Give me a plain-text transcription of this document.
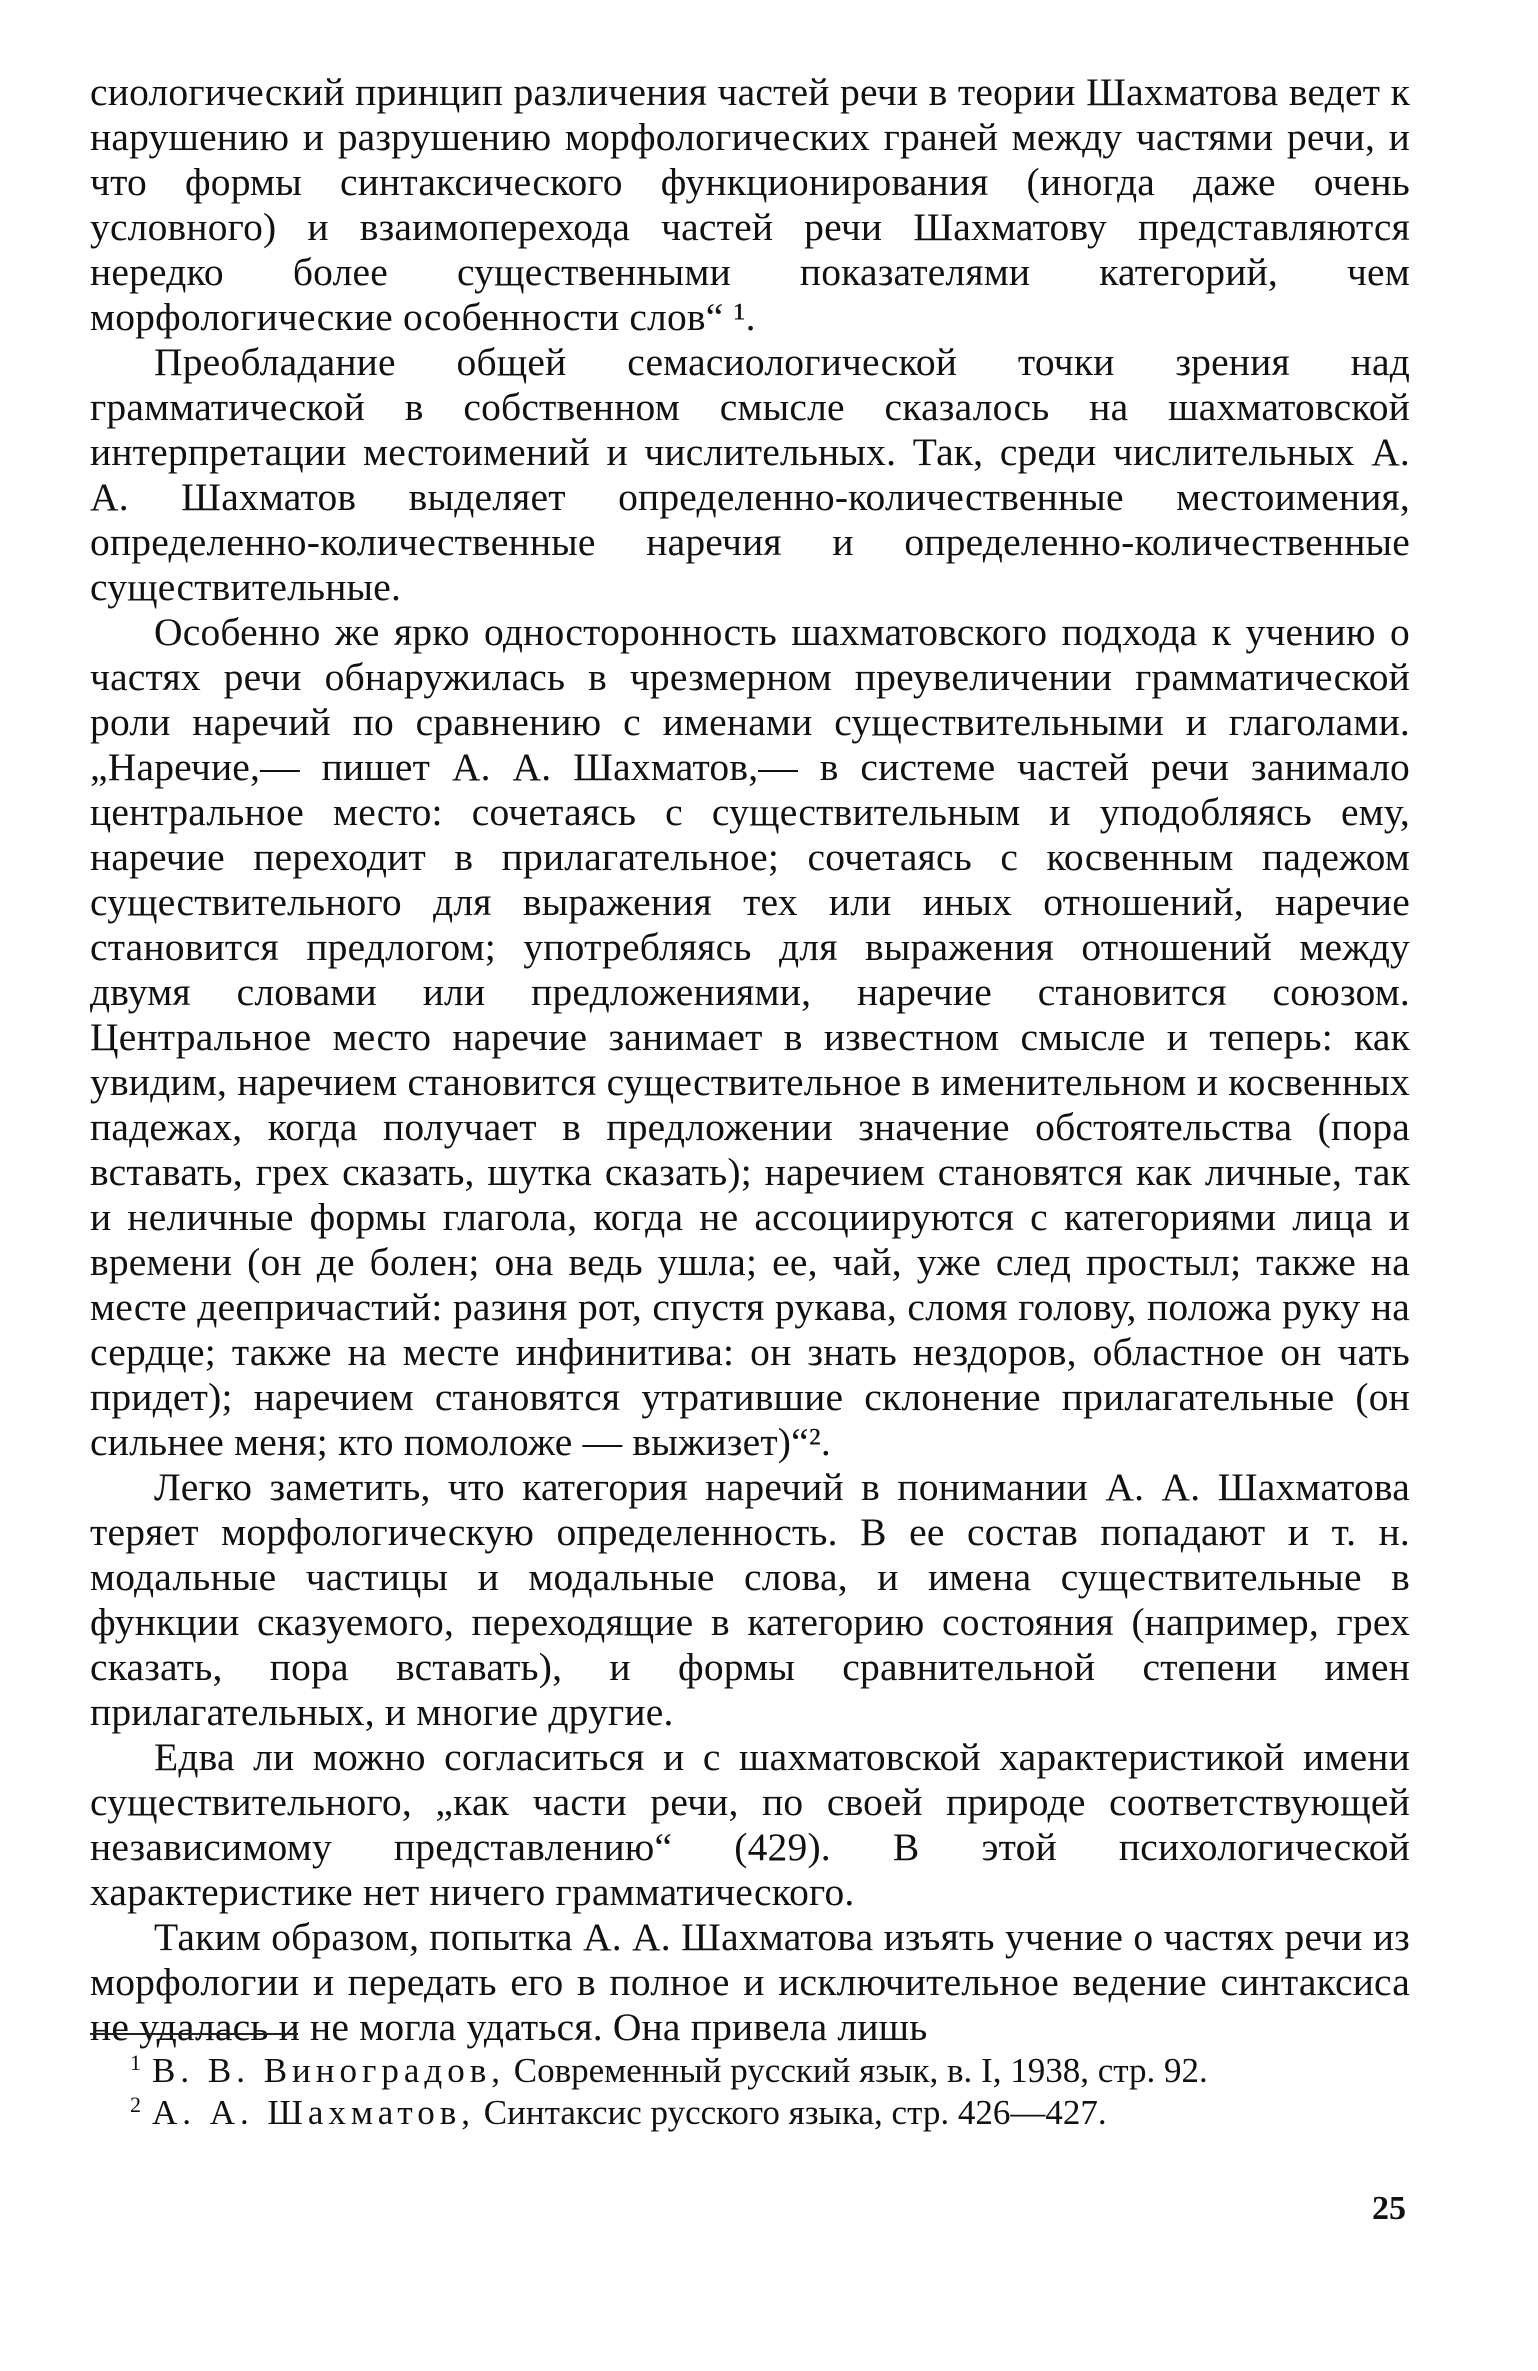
сиологический принцип различения частей речи в теории Шахматова ведет к нарушению и разрушению морфологических граней между частями речи, и что формы синтаксического функционирования (иногда даже очень условного) и взаимоперехода частей речи Шахматову представляются нередко более существенными показателями категорий, чем морфологические особенности слов“ ¹.

Преобладание общей семасиологической точки зрения над грамматической в собственном смысле сказалось на шахматовской интерпретации местоимений и числительных. Так, среди числительных А. А. Шахматов выделяет определенно-количественные местоимения, определенно-количественные наречия и определенно-количественные существительные.

Особенно же ярко односторонность шахматовского подхода к учению о частях речи обнаружилась в чрезмерном преувеличении грамматической роли наречий по сравнению с именами существительными и глаголами. „Наречие,— пишет А. А. Шахматов,— в системе частей речи занимало центральное место: сочетаясь с существительным и уподобляясь ему, наречие переходит в прилагательное; сочетаясь с косвенным падежом существительного для выражения тех или иных отношений, наречие становится предлогом; употребляясь для выражения отношений между двумя словами или предложениями, наречие становится союзом. Центральное место наречие занимает в известном смысле и теперь: как увидим, наречием становится существительное в именительном и косвенных падежах, когда получает в предложении значение обстоятельства (пора вставать, грех сказать, шутка сказать); наречием становятся как личные, так и неличные формы глагола, когда не ассоциируются с категориями лица и времени (он де болен; она ведь ушла; ее, чай, уже след простыл; также на месте деепричастий: разиня рот, спустя рукава, сломя голову, положа руку на сердце; также на месте инфинитива: он знать нездоров, областное он чать придет); наречием становятся утратившие склонение прилагательные (он сильнее меня; кто помоложе — выжизет)“².

Легко заметить, что категория наречий в понимании А. А. Шахматова теряет морфологическую определенность. В ее состав попадают и т. н. модальные частицы и модальные слова, и имена существительные в функции сказуемого, переходящие в категорию состояния (например, грех сказать, пора вставать), и формы сравнительной степени имен прилагательных, и многие другие.

Едва ли можно согласиться и с шахматовской характеристикой имени существительного, „как части речи, по своей природе соответствующей независимому представлению“ (429). В этой психологической характеристике нет ничего грамматического.

Таким образом, попытка А. А. Шахматова изъять учение о частях речи из морфологии и передать его в полное и исключительное ведение синтаксиса не удалась и не могла удаться. Она привела лишь

1 В. В. Виноградов, Современный русский язык, в. I, 1938, стр. 92.

2 А. А. Шахматов, Синтаксис русского языка, стр. 426—427.

25
